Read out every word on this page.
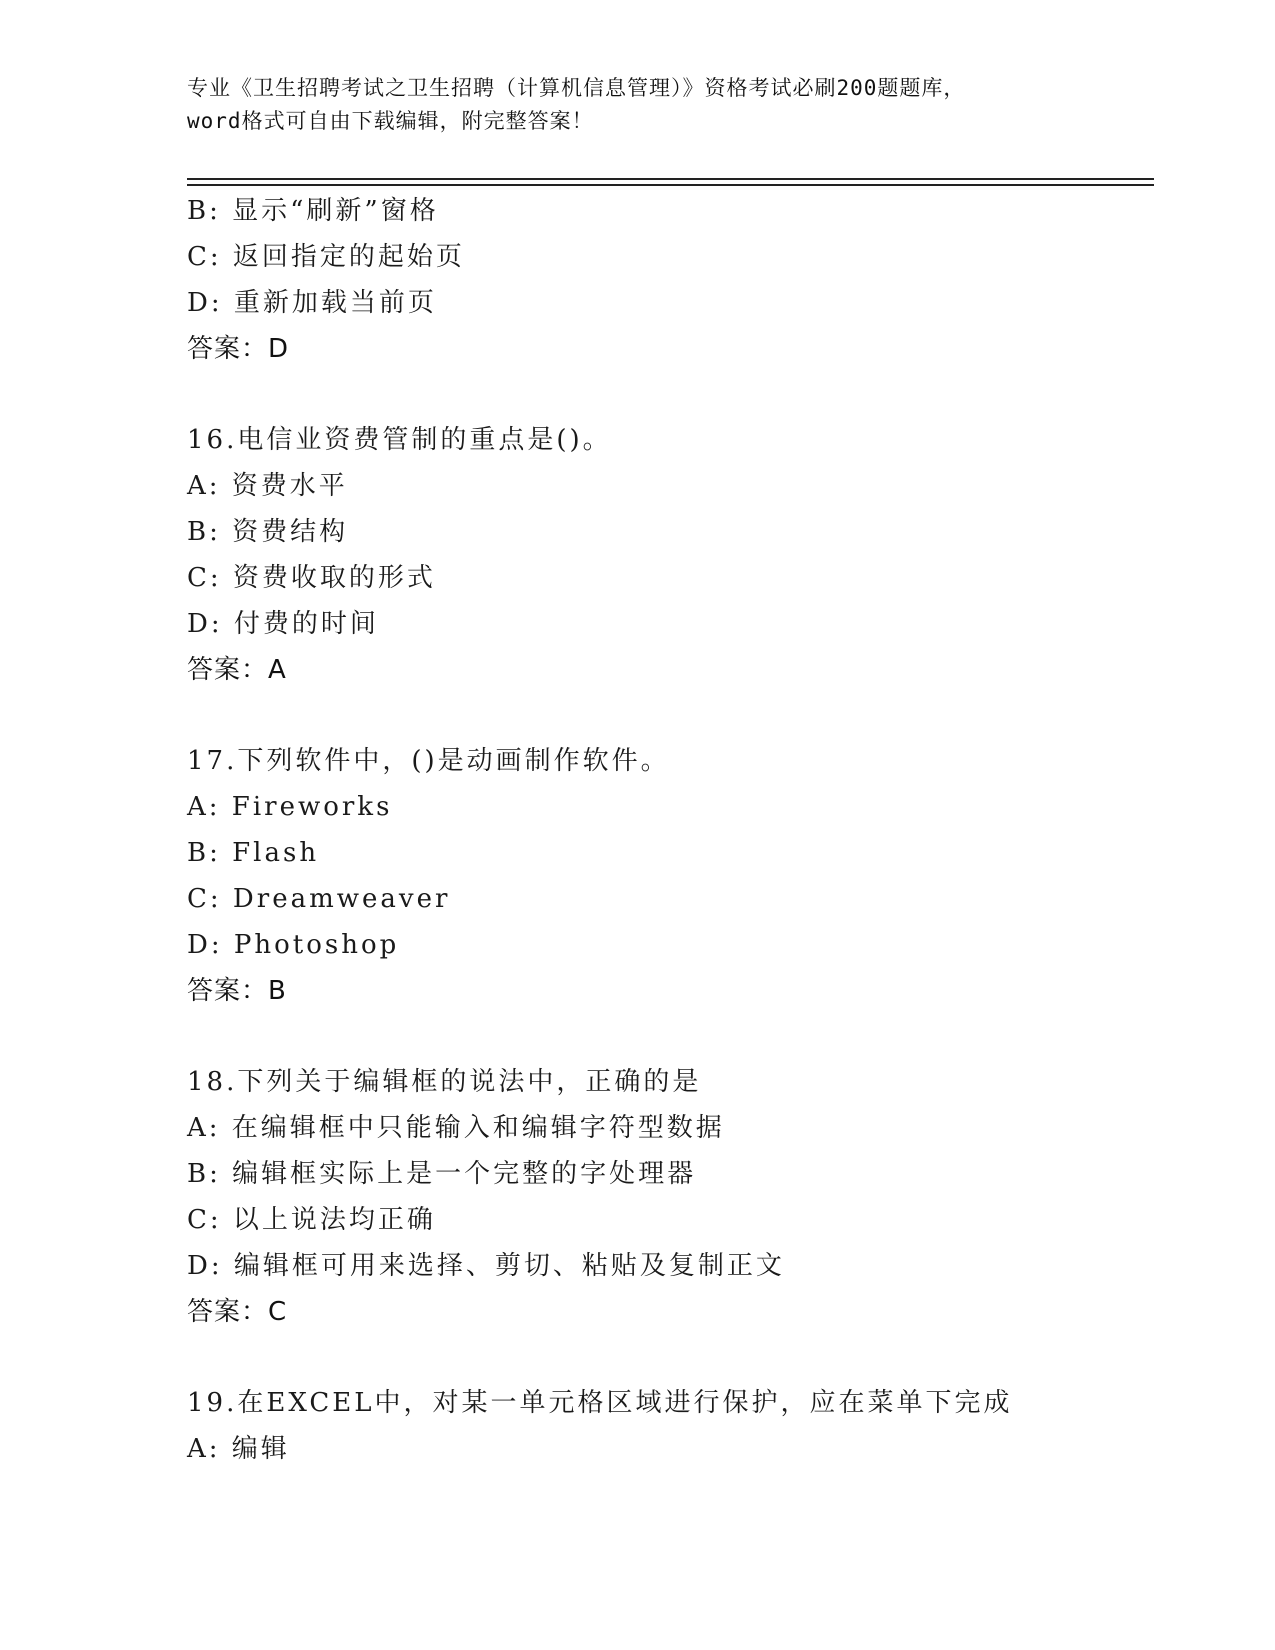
专业《卫生招聘考试之卫生招聘（计算机信息管理）》资格考试必刷200题题库，
word格式可自由下载编辑，附完整答案！
B: 显示“刷新”窗格
C: 返回指定的起始页
D: 重新加载当前页
答案：D
16.电信业资费管制的重点是()。
A: 资费水平
B: 资费结构
C: 资费收取的形式
D: 付费的时间
答案：A
17.下列软件中，()是动画制作软件。
A: Fireworks
B: Flash
C: Dreamweaver
D: Photoshop
答案：B
18.下列关于编辑框的说法中，正确的是
A: 在编辑框中只能输入和编辑字符型数据
B: 编辑框实际上是一个完整的字处理器
C: 以上说法均正确
D: 编辑框可用来选择、剪切、粘贴及复制正文
答案：C
19.在EXCEL中，对某一单元格区域进行保护，应在菜单下完成
A: 编辑
